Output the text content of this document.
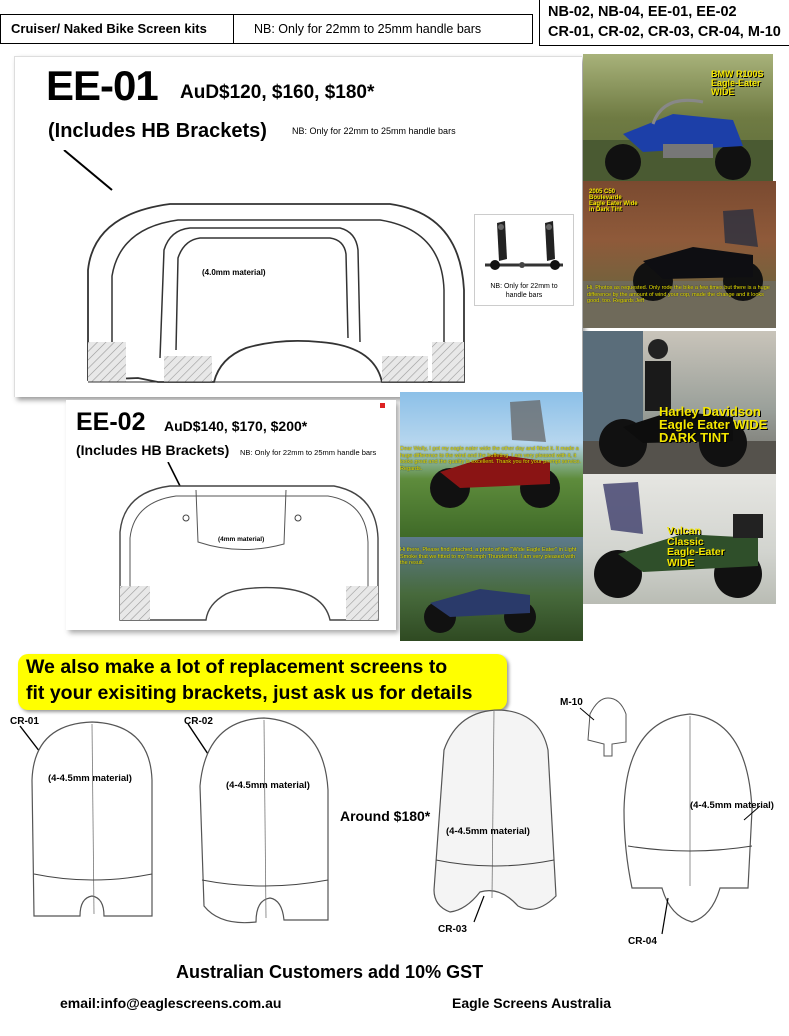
Cruiser/ Naked Bike Screen kits	NB: Only for 22mm to 25mm handle bars
NB-02, NB-04, EE-01, EE-02
CR-01, CR-02, CR-03, CR-04, M-10
EE-01 AuD$120, $160, $180*
(Includes HB Brackets)	NB: Only for 22mm to 25mm handle bars
(4.0mm material)
NB: Only for 22mm to handle bars
BMW R100S Eagle-Eater WIDE
2005 C50 Boulevarde Eagle Eater Wide in Dark Tint
Hi, Photos as requested. Only rode the bike a few times but there is a huge difference by the amount of wind your cop, made the change and it looks good, too. Regards Jeff
Harley Davidson Eagle Eater WIDE DARK TINT
Vulcan Classic Eagle-Eater WIDE
EE-02 AuD$140, $170, $200*
(Includes HB Brackets) NB: Only for 22mm to 25mm handle bars
(4mm material)
Dear Wally, I got my eagle eater wide the other day and fitted it. It made a huge difference to the wind and the buffeting. I am very pleased with it, it looks great and the quality is excellent. Thank you for your prompt service. Regards.
Hi there, Please find attached, a photo of the "Wide Eagle Eater" in Light Smoke that we fitted to my Triumph Thunderbird. I am very pleased with the result.
We also make a lot of replacement screens to
fit your exisiting brackets, just ask us for details
CR-01
(4-4.5mm material)
CR-02
(4-4.5mm material)
Around $180*
(4-4.5mm material)
CR-03
M-10
(4-4.5mm material)
CR-04
Australian Customers add 10% GST
email:info@eaglescreens.com.au	Eagle Screens Australia
